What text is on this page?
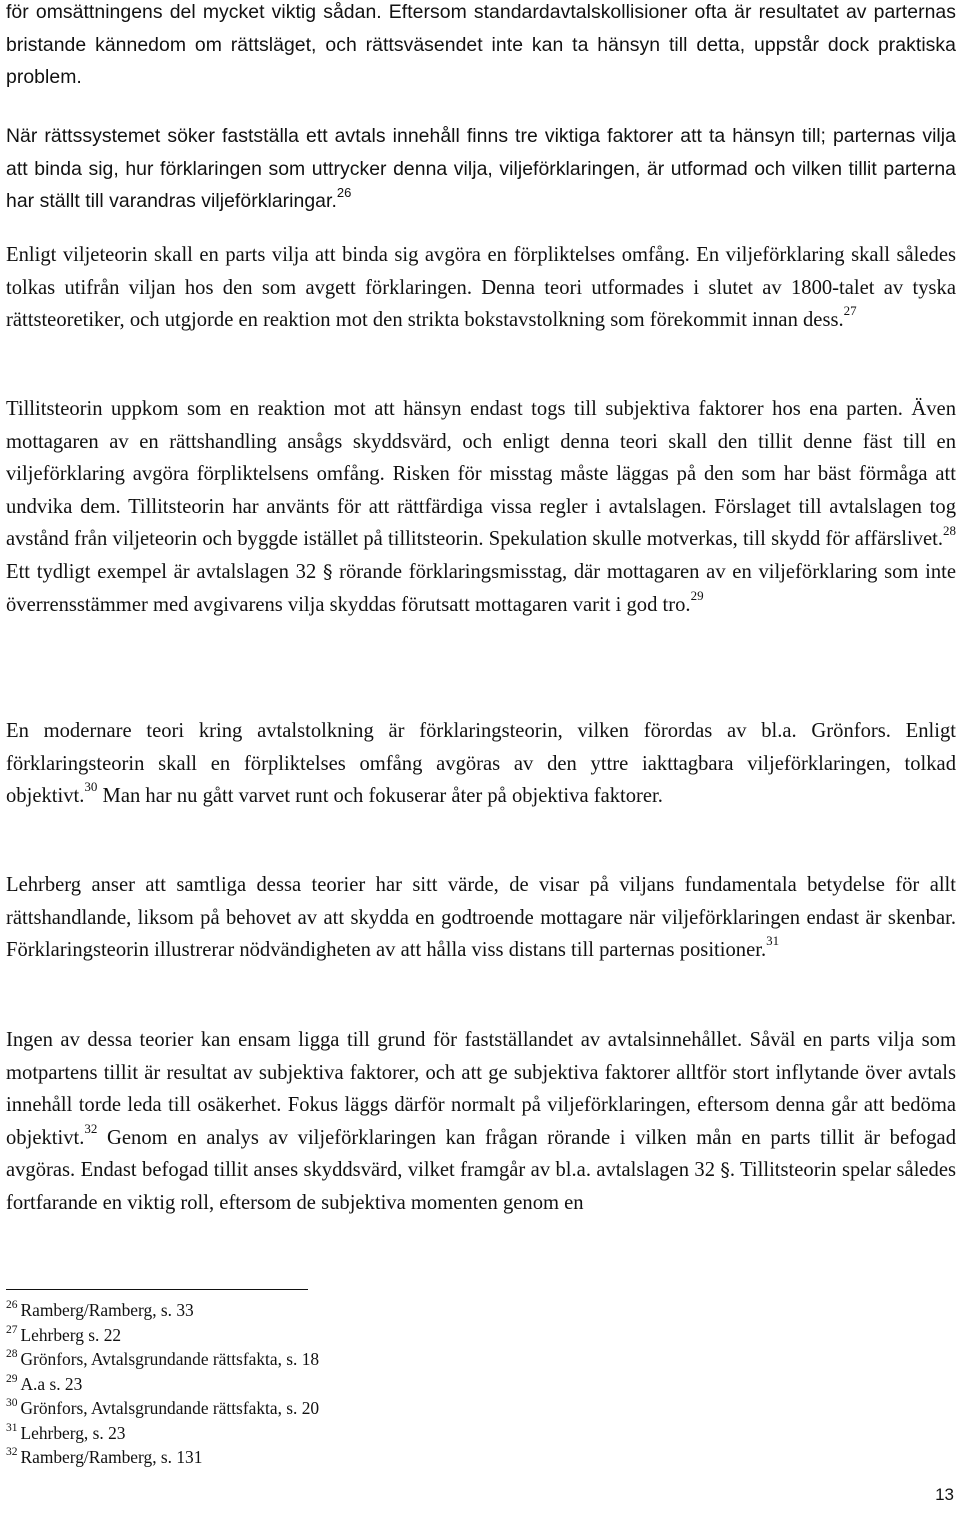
för omsättningens del mycket viktig sådan. Eftersom standardavtalskollisioner ofta är resultatet av parternas bristande kännedom om rättsläget, och rättsväsendet inte kan ta hänsyn till detta, uppstår dock praktiska problem.

När rättssystemet söker fastställa ett avtals innehåll finns tre viktiga faktorer att ta hänsyn till; parternas vilja att binda sig, hur förklaringen som uttrycker denna vilja, viljeförklaringen, är utformad och vilken tillit parterna har ställt till varandras viljeförklaringar.$^{26}$

Enligt viljeteorin skall en parts vilja att binda sig avgöra en förpliktelses omfång. En viljeförklaring skall således tolkas utifrån viljan hos den som avgett förklaringen. Denna teori utformades i slutet av 1800-talet av tyska rättsteoretiker, och utgjorde en reaktion mot den strikta bokstavstolkning som förekommit innan dess.$^{27}$

Tillitsteorin uppkom som en reaktion mot att hänsyn endast togs till subjektiva faktorer hos ena parten. Även mottagaren av en rättshandling ansågs skyddsvärd, och enligt denna teori skall den tillit denne fäst till en viljeförklaring avgöra förpliktelsens omfång. Risken för misstag måste läggas på den som har bäst förmåga att undvika dem. Tillitsteorin har använts för att rättfärdiga vissa regler i avtalslagen. Förslaget till avtalslagen tog avstånd från viljeteorin och byggde istället på tillitsteorin. Spekulation skulle motverkas, till skydd för affärslivet.$^{28}$ Ett tydligt exempel är avtalslagen 32 § rörande förklaringsmisstag, där mottagaren av en viljeförklaring som inte överrensstämmer med avgivarens vilja skyddas förutsatt mottagaren varit i god tro.$^{29}$

En modernare teori kring avtalstolkning är förklaringsteorin, vilken förordas av bl.a. Grönfors. Enligt förklaringsteorin skall en förpliktelses omfång avgöras av den yttre iakttagbara viljeförklaringen, tolkad objektivt.$^{30}$ Man har nu gått varvet runt och fokuserar åter på objektiva faktorer.

Lehrberg anser att samtliga dessa teorier har sitt värde, de visar på viljans fundamentala betydelse för allt rättshandlande, liksom på behovet av att skydda en godtroende mottagare när viljeförklaringen endast är skenbar. Förklaringsteorin illustrerar nödvändigheten av att hålla viss distans till parternas positioner.$^{31}$

Ingen av dessa teorier kan ensam ligga till grund för fastställandet av avtalsinnehållet. Såväl en parts vilja som motpartens tillit är resultat av subjektiva faktorer, och att ge subjektiva faktorer alltför stort inflytande över avtals innehåll torde leda till osäkerhet. Fokus läggs därför normalt på viljeförklaringen, eftersom denna går att bedöma objektivt.$^{32}$ Genom en analys av viljeförklaringen kan frågan rörande i vilken mån en parts tillit är befogad avgöras. Endast befogad tillit anses skyddsvärd, vilket framgår av bl.a. avtalslagen 32 §. Tillitsteorin spelar således fortfarande en viktig roll, eftersom de subjektiva momenten genom en

$^{26}$ Ramberg/Ramberg, s. 33
$^{27}$ Lehrberg s. 22
$^{28}$ Grönfors, Avtalsgrundande rättsfakta, s. 18
$^{29}$ A.a s. 23
$^{30}$ Grönfors, Avtalsgrundande rättsfakta, s. 20
$^{31}$ Lehrberg, s. 23
$^{32}$ Ramberg/Ramberg, s. 131
13
